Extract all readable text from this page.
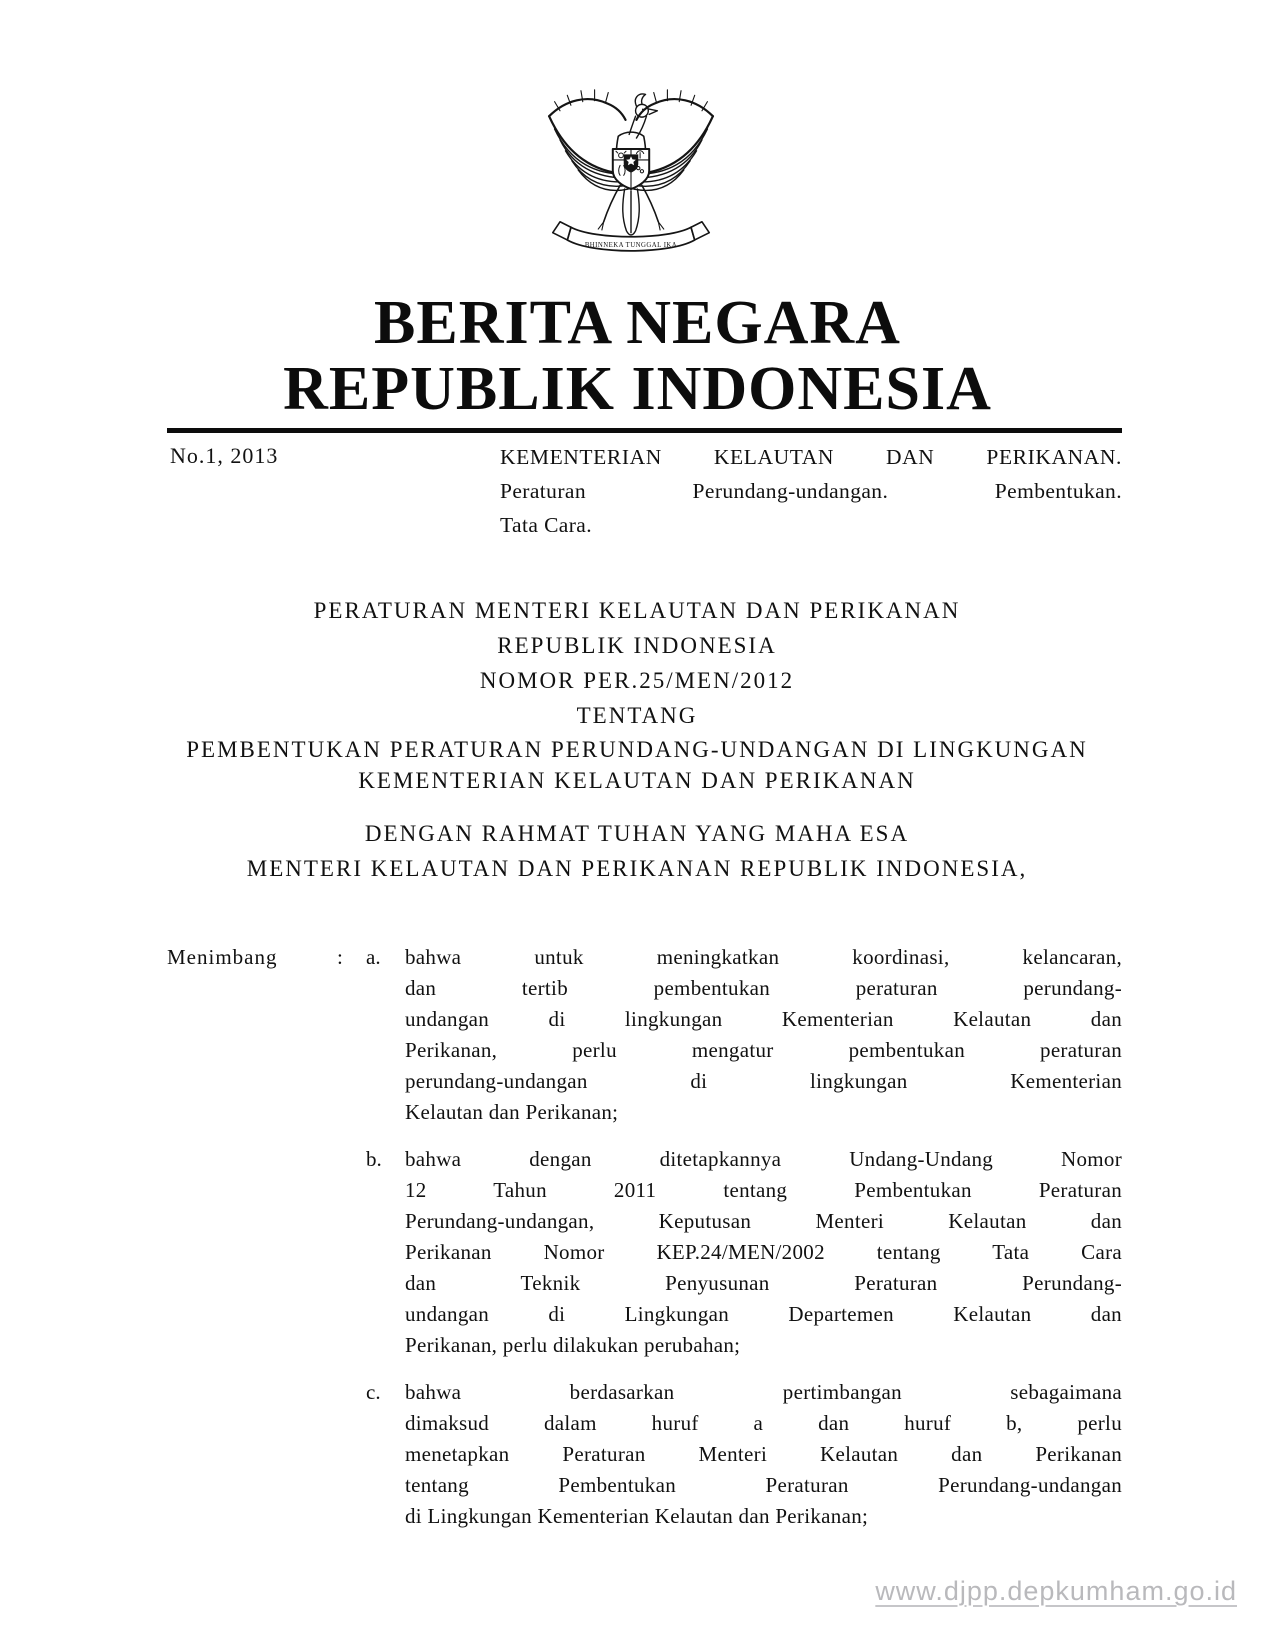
BHINNEKA TUNGGAL IKA
BERITA NEGARA
REPUBLIK INDONESIA
No.1, 2013	KEMENTERIAN KELAUTAN DAN PERIKANAN.
Peraturan Perundang-undangan. Pembentukan.
Tata Cara.
PERATURAN MENTERI KELAUTAN DAN PERIKANAN
REPUBLIK INDONESIA
NOMOR PER.25/MEN/2012
TENTANG
PEMBENTUKAN PERATURAN PERUNDANG-UNDANGAN DI LINGKUNGAN
KEMENTERIAN KELAUTAN DAN PERIKANAN
DENGAN RAHMAT TUHAN YANG MAHA ESA
MENTERI KELAUTAN DAN PERIKANAN REPUBLIK INDONESIA,
Menimbang	:	a.	bahwa untuk meningkatkan koordinasi, kelancaran,
dan tertib pembentukan peraturan perundang-
undangan di lingkungan Kementerian Kelautan dan
Perikanan, perlu mengatur pembentukan peraturan
perundang-undangan di lingkungan Kementerian
Kelautan dan Perikanan;
b.	bahwa dengan ditetapkannya Undang-Undang Nomor
12 Tahun 2011 tentang Pembentukan Peraturan
Perundang-undangan, Keputusan Menteri Kelautan dan
Perikanan Nomor KEP.24/MEN/2002 tentang Tata Cara
dan Teknik Penyusunan Peraturan Perundang-
undangan di Lingkungan Departemen Kelautan dan
Perikanan, perlu dilakukan perubahan;
c.	bahwa berdasarkan pertimbangan sebagaimana
dimaksud dalam huruf a dan huruf b, perlu
menetapkan Peraturan Menteri Kelautan dan Perikanan
tentang Pembentukan Peraturan Perundang-undangan
di Lingkungan Kementerian Kelautan dan Perikanan;
www.djpp.depkumham.go.id
